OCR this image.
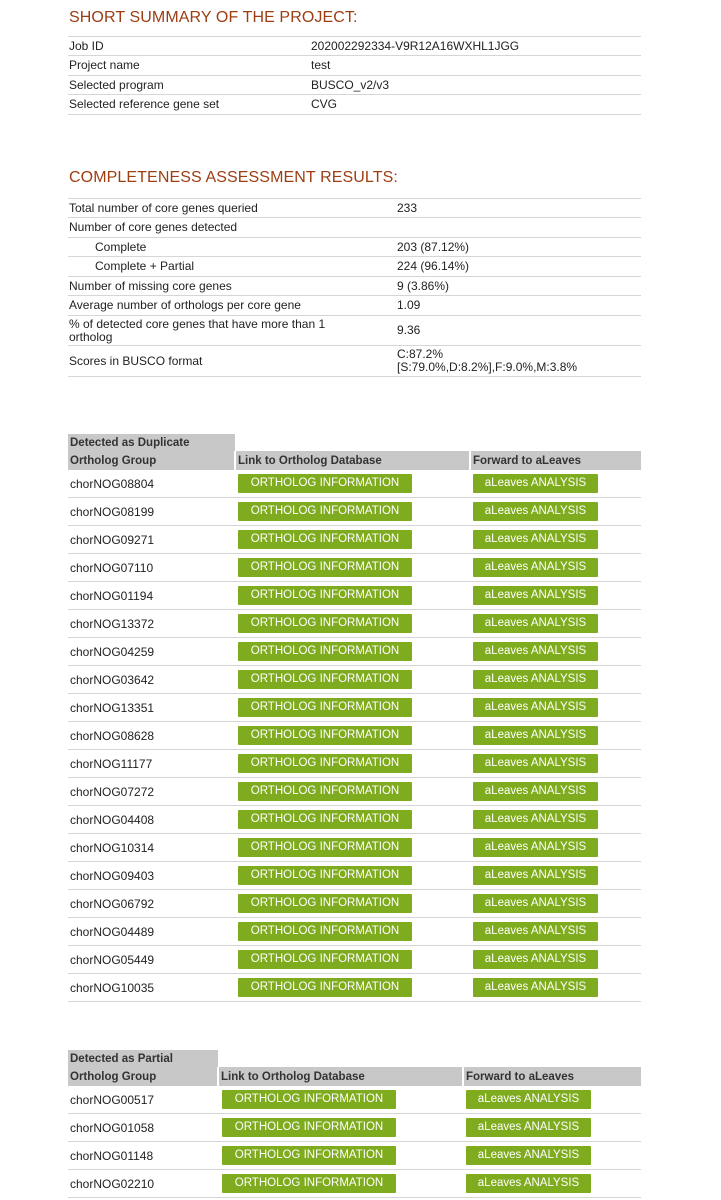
SHORT SUMMARY OF THE PROJECT:
Job ID	202002292334-V9R12A16WXHL1JGG
Project name	test
Selected program	BUSCO_v2/v3
Selected reference gene set	CVG
COMPLETENESS ASSESSMENT RESULTS:
Total number of core genes queried	233
Number of core genes detected	
Complete	203 (87.12%)
Complete + Partial	224 (96.14%)
Number of missing core genes	9 (3.86%)
Average number of orthologs per core gene	1.09
% of detected core genes that have more than 1 ortholog	9.36
Scores in BUSCO format	C:87.2% [S:79.0%,D:8.2%],F:9.0%,M:3.8%
Detected as Duplicate		
Ortholog Group	Link to Ortholog Database	Forward to aLeaves
chorNOG08804	ORTHOLOG INFORMATION	aLeaves ANALYSIS
chorNOG08199	ORTHOLOG INFORMATION	aLeaves ANALYSIS
chorNOG09271	ORTHOLOG INFORMATION	aLeaves ANALYSIS
chorNOG07110	ORTHOLOG INFORMATION	aLeaves ANALYSIS
chorNOG01194	ORTHOLOG INFORMATION	aLeaves ANALYSIS
chorNOG13372	ORTHOLOG INFORMATION	aLeaves ANALYSIS
chorNOG04259	ORTHOLOG INFORMATION	aLeaves ANALYSIS
chorNOG03642	ORTHOLOG INFORMATION	aLeaves ANALYSIS
chorNOG13351	ORTHOLOG INFORMATION	aLeaves ANALYSIS
chorNOG08628	ORTHOLOG INFORMATION	aLeaves ANALYSIS
chorNOG11177	ORTHOLOG INFORMATION	aLeaves ANALYSIS
chorNOG07272	ORTHOLOG INFORMATION	aLeaves ANALYSIS
chorNOG04408	ORTHOLOG INFORMATION	aLeaves ANALYSIS
chorNOG10314	ORTHOLOG INFORMATION	aLeaves ANALYSIS
chorNOG09403	ORTHOLOG INFORMATION	aLeaves ANALYSIS
chorNOG06792	ORTHOLOG INFORMATION	aLeaves ANALYSIS
chorNOG04489	ORTHOLOG INFORMATION	aLeaves ANALYSIS
chorNOG05449	ORTHOLOG INFORMATION	aLeaves ANALYSIS
chorNOG10035	ORTHOLOG INFORMATION	aLeaves ANALYSIS
Detected as Partial		
Ortholog Group	Link to Ortholog Database	Forward to aLeaves
chorNOG00517	ORTHOLOG INFORMATION	aLeaves ANALYSIS
chorNOG01058	ORTHOLOG INFORMATION	aLeaves ANALYSIS
chorNOG01148	ORTHOLOG INFORMATION	aLeaves ANALYSIS
chorNOG02210	ORTHOLOG INFORMATION	aLeaves ANALYSIS
